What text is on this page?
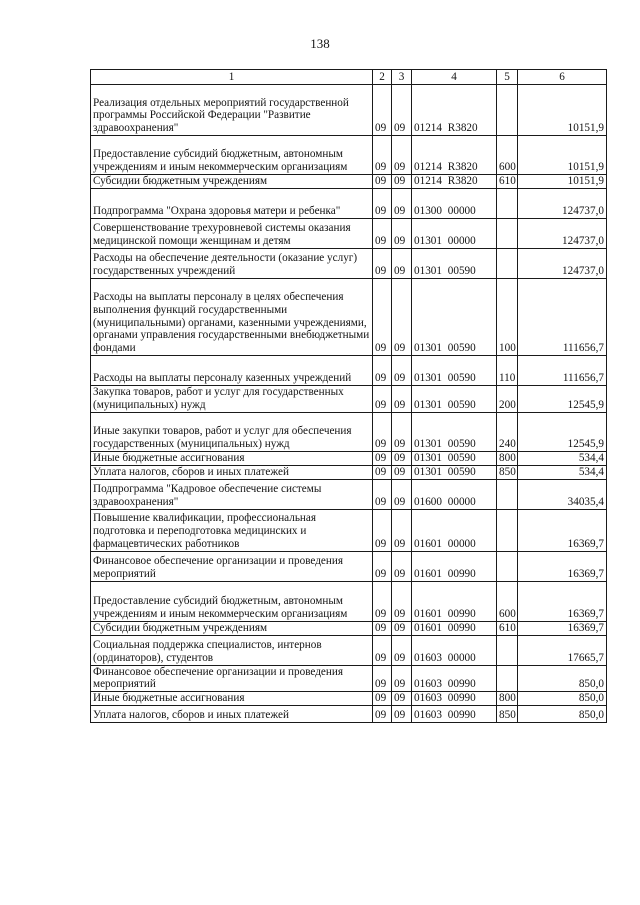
138
1	2	3	4	5	6
Реализация отдельных мероприятий государственной программы Российской Федерации "Развитие здравоохранения"	09	09	01214 R3820		10151,9
Предоставление субсидий бюджетным, автономным учреждениям и иным некоммерческим организациям	09	09	01214 R3820	600	10151,9
Субсидии бюджетным учреждениям	09	09	01214 R3820	610	10151,9
Подпрограмма "Охрана здоровья матери и ребенка"	09	09	01300 00000		124737,0
Совершенствование трехуровневой системы оказания медицинской помощи женщинам и детям	09	09	01301 00000		124737,0
Расходы на обеспечение деятельности (оказание услуг) государственных учреждений	09	09	01301 00590		124737,0
Расходы на выплаты персоналу в целях обеспечения выполнения функций государственными (муниципальными) органами, казенными учреждениями, органами управления государственными внебюджетными фондами	09	09	01301 00590	100	111656,7
Расходы на выплаты персоналу казенных учреждений	09	09	01301 00590	110	111656,7
Закупка товаров, работ и услуг для государственных (муниципальных) нужд	09	09	01301 00590	200	12545,9
Иные закупки товаров, работ и услуг для обеспечения государственных (муниципальных) нужд	09	09	01301 00590	240	12545,9
Иные бюджетные ассигнования	09	09	01301 00590	800	534,4
Уплата налогов, сборов и иных платежей	09	09	01301 00590	850	534,4
Подпрограмма "Кадровое обеспечение системы здравоохранения"	09	09	01600 00000		34035,4
Повышение квалификации, профессиональная подготовка и переподготовка медицинских и фармацевтических работников	09	09	01601 00000		16369,7
Финансовое обеспечение организации и проведения мероприятий	09	09	01601 00990		16369,7
Предоставление субсидий бюджетным, автономным учреждениям и иным некоммерческим организациям	09	09	01601 00990	600	16369,7
Субсидии бюджетным учреждениям	09	09	01601 00990	610	16369,7
Социальная поддержка специалистов, интернов (ординаторов), студентов	09	09	01603 00000		17665,7
Финансовое обеспечение организации и проведения мероприятий	09	09	01603 00990		850,0
Иные бюджетные ассигнования	09	09	01603 00990	800	850,0
Уплата налогов, сборов и иных платежей	09	09	01603 00990	850	850,0
